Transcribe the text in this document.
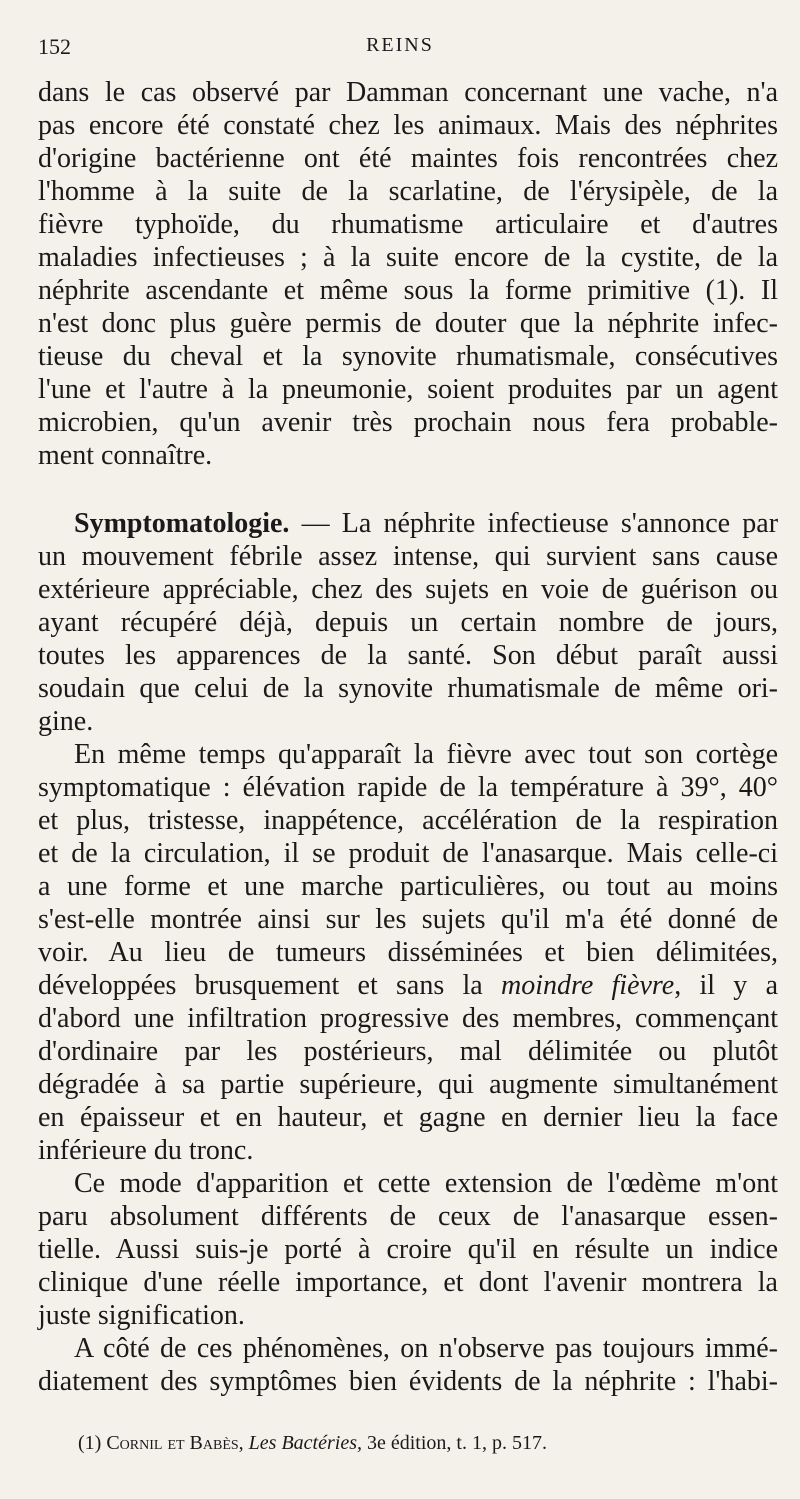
152	REINS
dans le cas observé par Damman concernant une vache, n'a
pas encore été constaté chez les animaux. Mais des néphrites
d'origine bactérienne ont été maintes fois rencontrées chez
l'homme à la suite de la scarlatine, de l'érysipèle, de la
fièvre typhoïde, du rhumatisme articulaire et d'autres
maladies infectieuses ; à la suite encore de la cystite, de la
néphrite ascendante et même sous la forme primitive (1). Il
n'est donc plus guère permis de douter que la néphrite infec-
tieuse du cheval et la synovite rhumatismale, consécutives
l'une et l'autre à la pneumonie, soient produites par un agent
microbien, qu'un avenir très prochain nous fera probable-
ment connaître.
Symptomatologie. — La néphrite infectieuse s'annonce par
un mouvement fébrile assez intense, qui survient sans cause
extérieure appréciable, chez des sujets en voie de guérison ou
ayant récupéré déjà, depuis un certain nombre de jours,
toutes les apparences de la santé. Son début paraît aussi
soudain que celui de la synovite rhumatismale de même ori-
gine.
En même temps qu'apparaît la fièvre avec tout son cortège
symptomatique : élévation rapide de la température à 39°, 40°
et plus, tristesse, inappétence, accélération de la respiration
et de la circulation, il se produit de l'anasarque. Mais celle-ci
a une forme et une marche particulières, ou tout au moins
s'est-elle montrée ainsi sur les sujets qu'il m'a été donné de
voir. Au lieu de tumeurs disséminées et bien délimitées,
développées brusquement et sans la moindre fièvre, il y a
d'abord une infiltration progressive des membres, commençant
d'ordinaire par les postérieurs, mal délimitée ou plutôt
dégradée à sa partie supérieure, qui augmente simultanément
en épaisseur et en hauteur, et gagne en dernier lieu la face
inférieure du tronc.
Ce mode d'apparition et cette extension de l'œdème m'ont
paru absolument différents de ceux de l'anasarque essen-
tielle. Aussi suis-je porté à croire qu'il en résulte un indice
clinique d'une réelle importance, et dont l'avenir montrera la
juste signification.
A côté de ces phénomènes, on n'observe pas toujours immé-
diatement des symptômes bien évidents de la néphrite : l'habi-
(1) Cornil et Babès, Les Bactéries, 3e édition, t. 1, p. 517.
